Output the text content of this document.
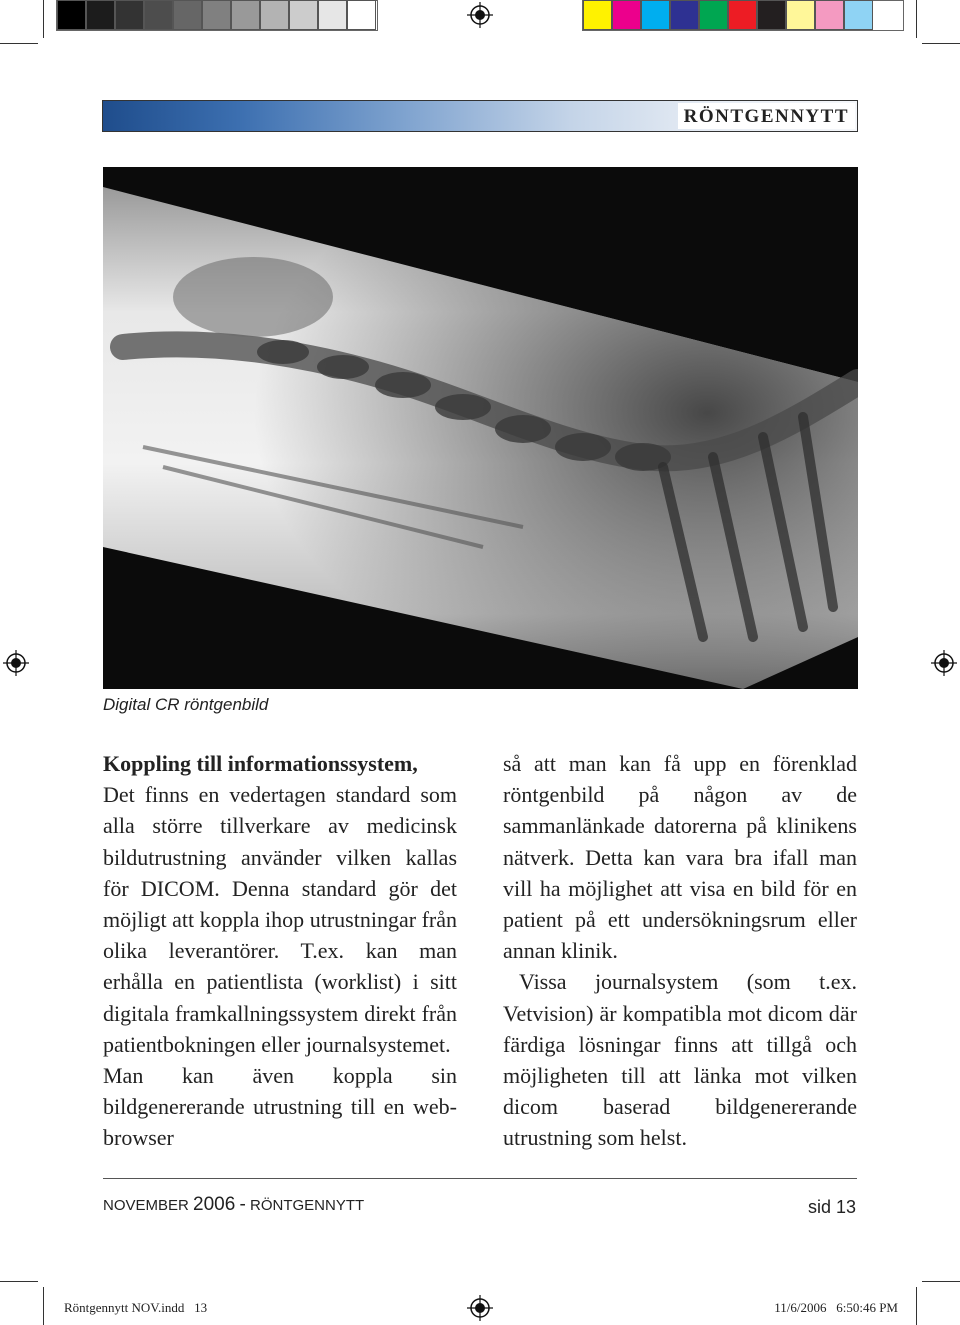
RÖNTGENNYTT
Digital CR röntgenbild

Koppling till informationssystem,

Det finns en vedertagen standard som alla större tillverkare av medicinsk bildutrustning använder vilken kallas för DICOM. Denna standard gör det möjligt att koppla ihop utrustningar från olika leverantörer. T.ex. kan man erhålla en patientlista (worklist) i sitt digitala framkallningssystem direkt från patientbokningen eller journalsystemet.

Man kan även koppla sin bildgenererande utrustning till en web-browser

så att man kan få upp en förenklad röntgenbild på någon av de sammanlänkade datorerna på klinikens nätverk. Detta kan vara bra ifall man vill ha möjlighet att visa en bild för en patient på ett undersökningsrum eller annan klinik.

Vissa journalsystem (som t.ex. Vetvision) är kompatibla mot dicom där färdiga lösningar finns att tillgå och möjligheten till att länka mot vilken dicom baserad bildgenererande utrustning som helst.

NOVEMBER 2006 - RÖNTGENNYTT	sid 13
Röntgennytt NOV.indd   13	11/6/2006   6:50:46 PM
